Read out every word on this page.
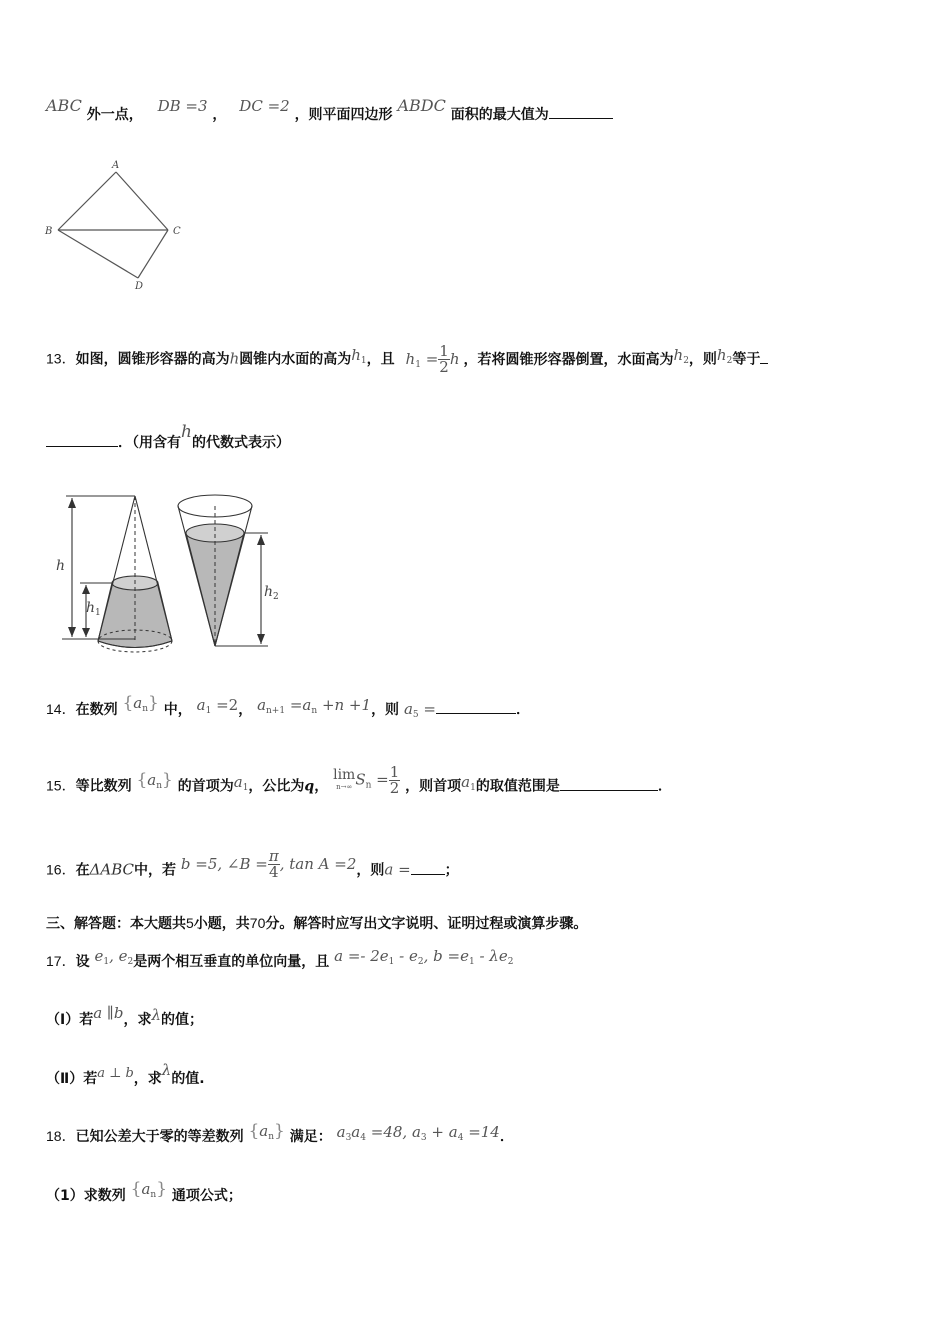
ABC 外一点， DB =3 ， DC =2 ，则平面四边形 ABDC 面积的最大值为
A
B	C
D
13．如图，圆锥形容器的高为h圆锥内水面的高为$h_1$，且 $h_1 = \frac{1}{2}$ h ，若将圆锥形容器倒置，水面高为$h_2$，则$h_2$等于
．（用含有h的代数式表示）
h
$h_1$
$h_2$
14．在数列 $\{a_n\}$ 中， $a_1 =2$， $a_{n+1} =a_n +n +1$，则 $a_5$ =	．
15．等比数列 $\{a_n\}$ 的首项为$a_1$，公比为q，
lim
n→∞ $S_n = \frac{1}{2}$ ，则首项$a_1$的取值范围是	．
16．在ΔABC中，若 b =5, ∠B = $\frac{\pi}{4}$ , tan A =2，则a = ；
三、解答题：本大题共5小题，共70分。解答时应写出文字说明、证明过程或演算步骤。
17．设 $e_1$, $e_2$是两个相互垂直的单位向量，且 $a =- 2e_1 - e_2$, $b =e_1 - \lambda e_2$
（Ⅰ）若a ∥b，求λ的值；
（Ⅱ）若a ⊥ b，求λ的值.
18．已知公差大于零的等差数列 $\{a_n\}$ 满足： $a_3a_4 =48$, $a_3 + a_4 =14$．
（1）求数列 $\{a_n\}$ 通项公式；
